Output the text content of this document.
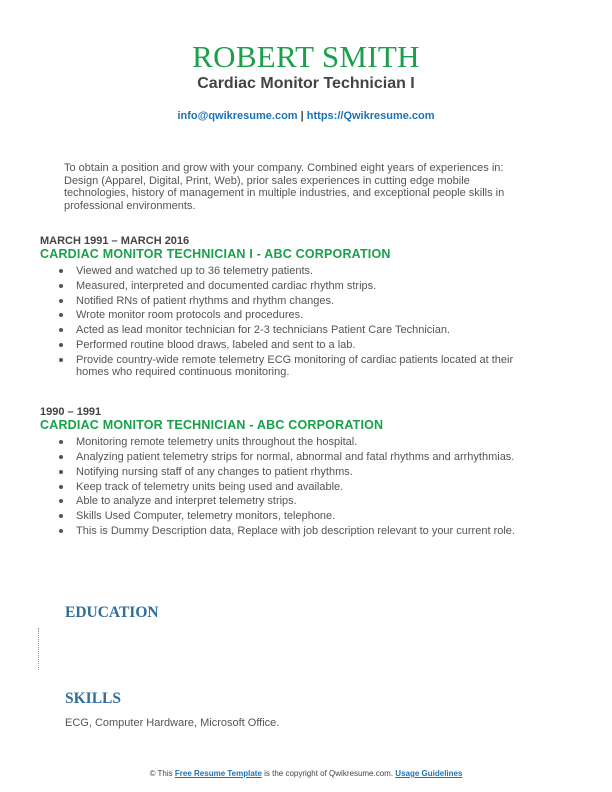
ROBERT SMITH
Cardiac Monitor Technician I
info@qwikresume.com | https://Qwikresume.com
To obtain a position and grow with your company. Combined eight years of experiences in: Design (Apparel, Digital, Print, Web), prior sales experiences in cutting edge mobile technologies, history of management in multiple industries, and exceptional people skills in professional environments.
MARCH 1991 – MARCH 2016
CARDIAC MONITOR TECHNICIAN I - ABC CORPORATION
Viewed and watched up to 36 telemetry patients.
Measured, interpreted and documented cardiac rhythm strips.
Notified RNs of patient rhythms and rhythm changes.
Wrote monitor room protocols and procedures.
Acted as lead monitor technician for 2-3 technicians Patient Care Technician.
Performed routine blood draws, labeled and sent to a lab.
Provide country-wide remote telemetry ECG monitoring of cardiac patients located at their homes who required continuous monitoring.
1990 – 1991
CARDIAC MONITOR TECHNICIAN - ABC CORPORATION
Monitoring remote telemetry units throughout the hospital.
Analyzing patient telemetry strips for normal, abnormal and fatal rhythms and arrhythmias.
Notifying nursing staff of any changes to patient rhythms.
Keep track of telemetry units being used and available.
Able to analyze and interpret telemetry strips.
Skills Used Computer, telemetry monitors, telephone.
This is Dummy Description data, Replace with job description relevant to your current role.
EDUCATION
SKILLS
ECG, Computer Hardware, Microsoft Office.
© This Free Resume Template is the copyright of Qwikresume.com. Usage Guidelines
